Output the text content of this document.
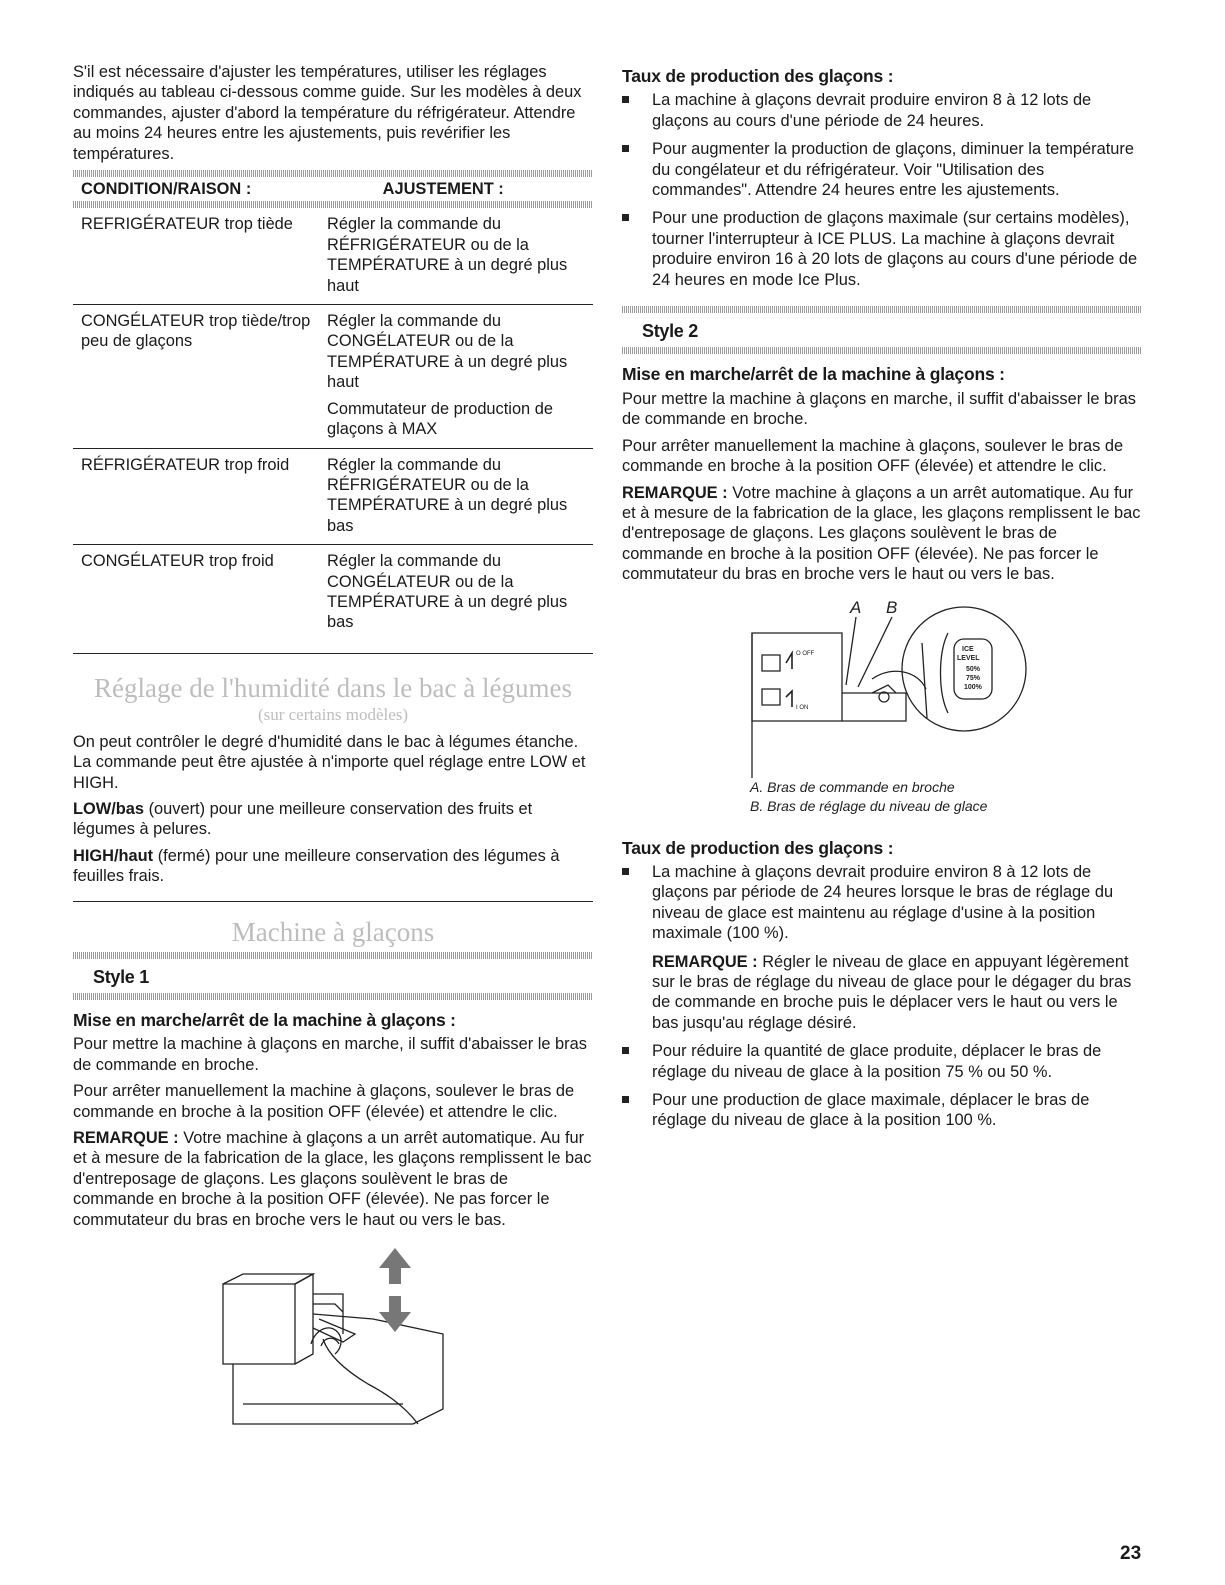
S'il est nécessaire d'ajuster les températures, utiliser les réglages indiqués au tableau ci-dessous comme guide. Sur les modèles à deux commandes, ajuster d'abord la température du réfrigérateur. Attendre au moins 24 heures entre les ajustements, puis revérifier les températures.

CONDITION/RAISON :	AJUSTEMENT :
REFRIGÉRATEUR trop tiède	Régler la commande du RÉFRIGÉRATEUR ou de la TEMPÉRATURE à un degré plus haut
CONGÉLATEUR trop tiède/trop peu de glaçons	Régler la commande du CONGÉLATEUR ou de la TEMPÉRATURE à un degré plus haut
Commutateur de production de glaçons à MAX

RÉFRIGÉRATEUR trop froid	Régler la commande du RÉFRIGÉRATEUR ou de la TEMPÉRATURE à un degré plus bas
CONGÉLATEUR trop froid	Régler la commande du CONGÉLATEUR ou de la TEMPÉRATURE à un degré plus bas
Réglage de l'humidité dans le bac à légumes
(sur certains modèles)

On peut contrôler le degré d'humidité dans le bac à légumes étanche. La commande peut être ajustée à n'importe quel réglage entre LOW et HIGH.

LOW/bas (ouvert) pour une meilleure conservation des fruits et légumes à pelures.

HIGH/haut (fermé) pour une meilleure conservation des légumes à feuilles frais.

Machine à glaçons
Style 1
Mise en marche/arrêt de la machine à glaçons :

Pour mettre la machine à glaçons en marche, il suffit d'abaisser le bras de commande en broche.

Pour arrêter manuellement la machine à glaçons, soulever le bras de commande en broche à la position OFF (élevée) et attendre le clic.

REMARQUE : Votre machine à glaçons a un arrêt automatique. Au fur et à mesure de la fabrication de la glace, les glaçons remplissent le bac d'entreposage de glaçons. Les glaçons soulèvent le bras de commande en broche à la position OFF (élevée). Ne pas forcer le commutateur du bras en broche vers le haut ou vers le bas.

Taux de production des glaçons :
La machine à glaçons devrait produire environ 8 à 12 lots de glaçons au cours d'une période de 24 heures.
Pour augmenter la production de glaçons, diminuer la température du congélateur et du réfrigérateur. Voir "Utilisation des commandes". Attendre 24 heures entre les ajustements.
Pour une production de glaçons maximale (sur certains modèles), tourner l'interrupteur à ICE PLUS. La machine à glaçons devrait produire environ 16 à 20 lots de glaçons au cours d'une période de 24 heures en mode Ice Plus.
Style 2
Mise en marche/arrêt de la machine à glaçons :

Pour mettre la machine à glaçons en marche, il suffit d'abaisser le bras de commande en broche.

Pour arrêter manuellement la machine à glaçons, soulever le bras de commande en broche à la position OFF (élevée) et attendre le clic.

REMARQUE : Votre machine à glaçons a un arrêt automatique. Au fur et à mesure de la fabrication de la glace, les glaçons remplissent le bac d'entreposage de glaçons. Les glaçons soulèvent le bras de commande en broche à la position OFF (élevée). Ne pas forcer le commutateur du bras en broche vers le haut ou vers le bas.

A B
O OFF
I ON
ICE
LEVEL
50%
75%
100%
A. Bras de commande en broche
B. Bras de réglage du niveau de glace
Taux de production des glaçons :
La machine à glaçons devrait produire environ 8 à 12 lots de glaçons par période de 24 heures lorsque le bras de réglage du niveau de glace est maintenu au réglage d'usine à la position maximale (100 %).

REMARQUE : Régler le niveau de glace en appuyant légèrement sur le bras de réglage du niveau de glace pour le dégager du bras de commande en broche puis le déplacer vers le haut ou vers le bas jusqu'au réglage désiré.

Pour réduire la quantité de glace produite, déplacer le bras de réglage du niveau de glace à la position 75 % ou 50 %.
Pour une production de glace maximale, déplacer le bras de réglage du niveau de glace à la position 100 %.
23
